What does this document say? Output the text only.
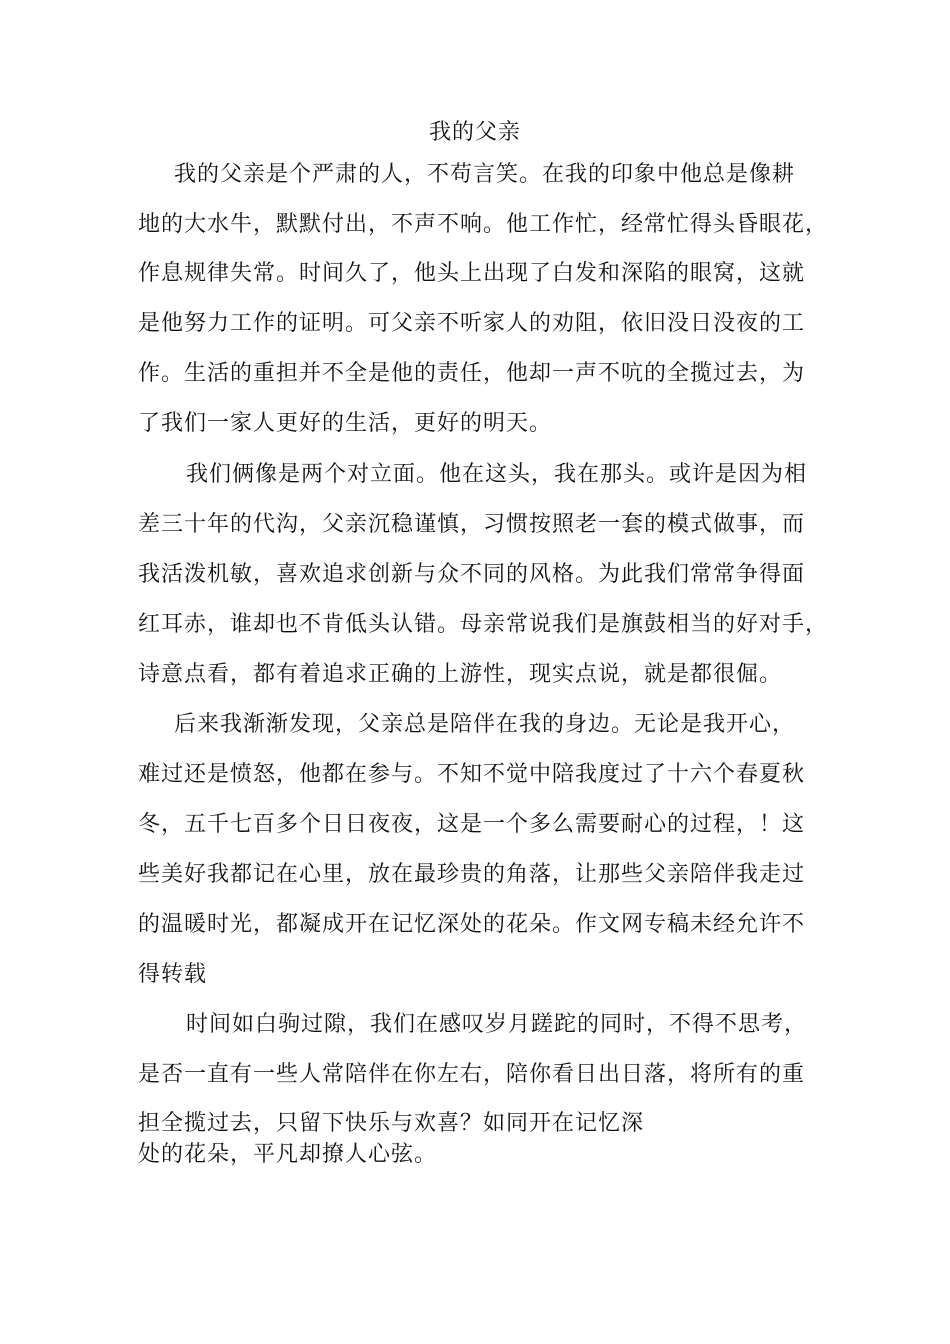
我的父亲
我的父亲是个严肃的人，不苟言笑。在我的印象中他总是像耕
地的大水牛，默默付出，不声不响。他工作忙，经常忙得头昏眼花，
作息规律失常。时间久了，他头上出现了白发和深陷的眼窝，这就
是他努力工作的证明。可父亲不听家人的劝阻，依旧没日没夜的工
作。生活的重担并不全是他的责任，他却一声不吭的全揽过去，为
了我们一家人更好的生活，更好的明天。
我们俩像是两个对立面。他在这头，我在那头。或许是因为相
差三十年的代沟，父亲沉稳谨慎，习惯按照老一套的模式做事，而
我活泼机敏，喜欢追求创新与众不同的风格。为此我们常常争得面
红耳赤，谁却也不肯低头认错。母亲常说我们是旗鼓相当的好对手，
诗意点看，都有着追求正确的上游性，现实点说，就是都很倔。
后来我渐渐发现，父亲总是陪伴在我的身边。无论是我开心，
难过还是愤怒，他都在参与。不知不觉中陪我度过了十六个春夏秋
冬，五千七百多个日日夜夜，这是一个多么需要耐心的过程，！这
些美好我都记在心里，放在最珍贵的角落，让那些父亲陪伴我走过
的温暖时光，都凝成开在记忆深处的花朵。作文网专稿未经允许不
得转载
时间如白驹过隙，我们在感叹岁月蹉跎的同时，不得不思考，
是否一直有一些人常陪伴在你左右，陪你看日出日落，将所有的重
担全揽过去，只留下快乐与欢喜？如同开在记忆深
处的花朵，平凡却撩人心弦。
